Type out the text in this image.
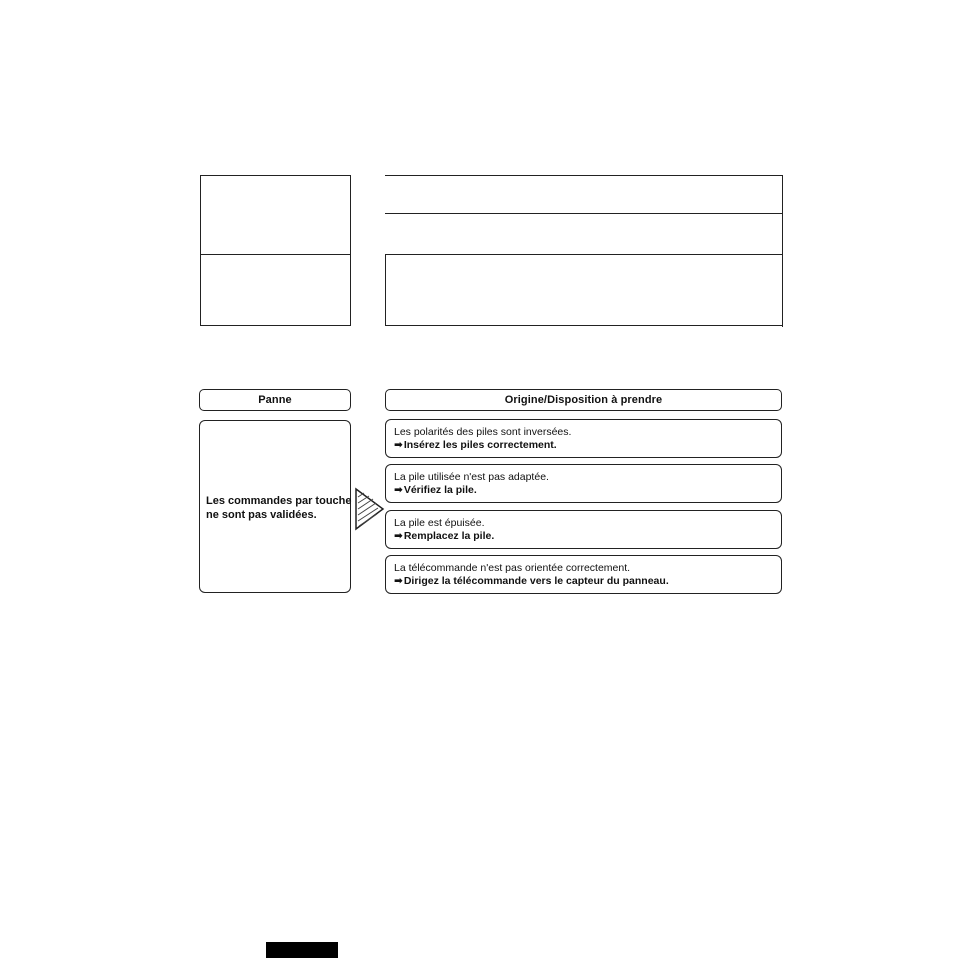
Panne	Origine/Disposition à prendre
Les commandes par touche
ne sont pas validées.
Les polarités des piles sont inversées.
➡Insérez les piles correctement.
La pile utilisée n'est pas adaptée.
➡Vérifiez la pile.
La pile est épuisée.
➡Remplacez la pile.
La télécommande n'est pas orientée correctement.
➡Dirigez la télécommande vers le capteur du panneau.
